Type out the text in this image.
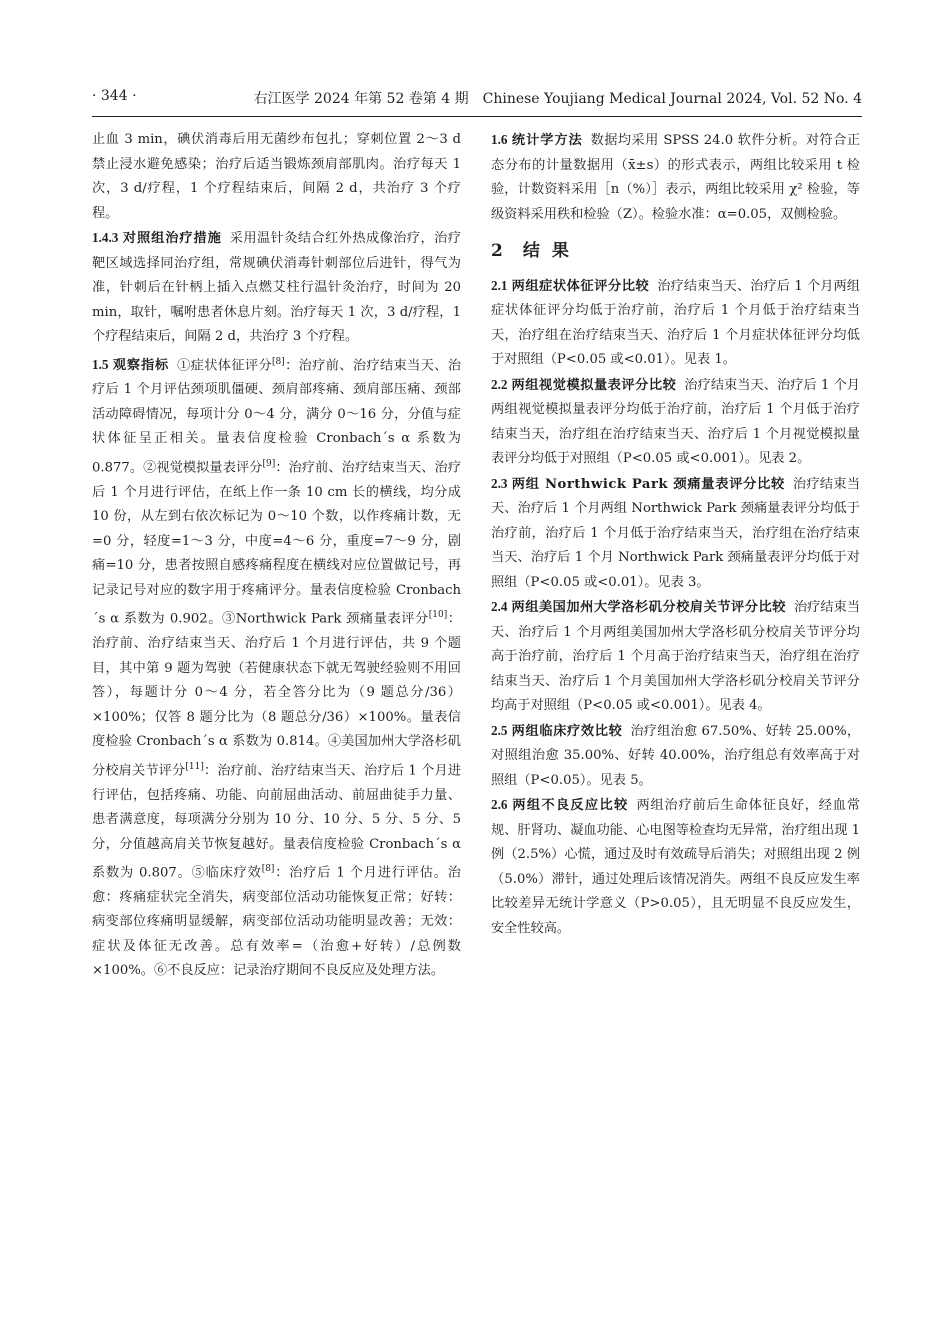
· 344 ·	右江医学 2024 年第 52 卷第 4 期　Chinese Youjiang Medical Journal 2024, Vol. 52 No. 4

止血 3 min，碘伏消毒后用无菌纱布包扎；穿刺位置 2～3 d 禁止浸水避免感染；治疗后适当锻炼颈肩部肌肉。治疗每天 1 次，3 d/疗程，1 个疗程结束后，间隔 2 d，共治疗 3 个疗程。

1.4.3 对照组治疗措施 采用温针灸结合红外热成像治疗，治疗靶区域选择同治疗组，常规碘伏消毒针刺部位后进针，得气为准，针刺后在针柄上插入点燃艾柱行温针灸治疗，时间为 20 min，取针，嘱咐患者休息片刻。治疗每天 1 次，3 d/疗程，1 个疗程结束后，间隔 2 d，共治疗 3 个疗程。

1.5 观察指标 ①症状体征评分[8]：治疗前、治疗结束当天、治疗后 1 个月评估颈项肌僵硬、颈肩部疼痛、颈肩部压痛、颈部活动障碍情况，每项计分 0～4 分，满分 0～16 分，分值与症状体征呈正相关。量表信度检验 Cronbach´s α 系数为 0.877。②视觉模拟量表评分[9]：治疗前、治疗结束当天、治疗后 1 个月进行评估，在纸上作一条 10 cm 长的横线，均分成 10 份，从左到右依次标记为 0～10 个数，以作疼痛计数，无=0 分，轻度=1～3 分，中度=4～6 分，重度=7～9 分，剧痛=10 分，患者按照自感疼痛程度在横线对应位置做记号，再记录记号对应的数字用于疼痛评分。量表信度检验 Cronbach´s α 系数为 0.902。③Northwick Park 颈痛量表评分[10]：治疗前、治疗结束当天、治疗后 1 个月进行评估，共 9 个题目，其中第 9 题为驾驶（若健康状态下就无驾驶经验则不用回答），每题计分 0～4 分，若全答分比为（9 题总分/36）×100%；仅答 8 题分比为（8 题总分/36）×100%。量表信度检验 Cronbach´s α 系数为 0.814。④美国加州大学洛杉矶分校肩关节评分[11]：治疗前、治疗结束当天、治疗后 1 个月进行评估，包括疼痛、功能、向前屈曲活动、前屈曲徒手力量、患者满意度，每项满分分别为 10 分、10 分、5 分、5 分、5 分，分值越高肩关节恢复越好。量表信度检验 Cronbach´s α 系数为 0.807。⑤临床疗效[8]：治疗后 1 个月进行评估。治愈：疼痛症状完全消失，病变部位活动功能恢复正常；好转：病变部位疼痛明显缓解，病变部位活动功能明显改善；无效：症状及体征无改善。总有效率=（治愈+好转）/总例数×100%。⑥不良反应：记录治疗期间不良反应及处理方法。

1.6 统计学方法 数据均采用 SPSS 24.0 软件分析。对符合正态分布的计量数据用（x̄±s）的形式表示，两组比较采用 t 检验，计数资料采用［n（%）］表示，两组比较采用 χ² 检验，等级资料采用秩和检验（Z）。检验水准：α=0.05，双侧检验。

2 结果

2.1 两组症状体征评分比较 治疗结束当天、治疗后 1 个月两组症状体征评分均低于治疗前，治疗后 1 个月低于治疗结束当天，治疗组在治疗结束当天、治疗后 1 个月症状体征评分均低于对照组（P<0.05 或<0.01）。见表 1。

2.2 两组视觉模拟量表评分比较 治疗结束当天、治疗后 1 个月两组视觉模拟量表评分均低于治疗前，治疗后 1 个月低于治疗结束当天，治疗组在治疗结束当天、治疗后 1 个月视觉模拟量表评分均低于对照组（P<0.05 或<0.001）。见表 2。

2.3 两组 Northwick Park 颈痛量表评分比较 治疗结束当天、治疗后 1 个月两组 Northwick Park 颈痛量表评分均低于治疗前，治疗后 1 个月低于治疗结束当天，治疗组在治疗结束当天、治疗后 1 个月 Northwick Park 颈痛量表评分均低于对照组（P<0.05 或<0.01）。见表 3。

2.4 两组美国加州大学洛杉矶分校肩关节评分比较 治疗结束当天、治疗后 1 个月两组美国加州大学洛杉矶分校肩关节评分均高于治疗前，治疗后 1 个月高于治疗结束当天，治疗组在治疗结束当天、治疗后 1 个月美国加州大学洛杉矶分校肩关节评分均高于对照组（P<0.05 或<0.001）。见表 4。

2.5 两组临床疗效比较 治疗组治愈 67.50%、好转 25.00%，对照组治愈 35.00%、好转 40.00%，治疗组总有效率高于对照组（P<0.05）。见表 5。

2.6 两组不良反应比较 两组治疗前后生命体征良好，经血常规、肝肾功、凝血功能、心电图等检查均无异常，治疗组出现 1 例（2.5%）心慌，通过及时有效疏导后消失；对照组出现 2 例（5.0%）滞针，通过处理后该情况消失。两组不良反应发生率比较差异无统计学意义（P>0.05），且无明显不良反应发生，安全性较高。
